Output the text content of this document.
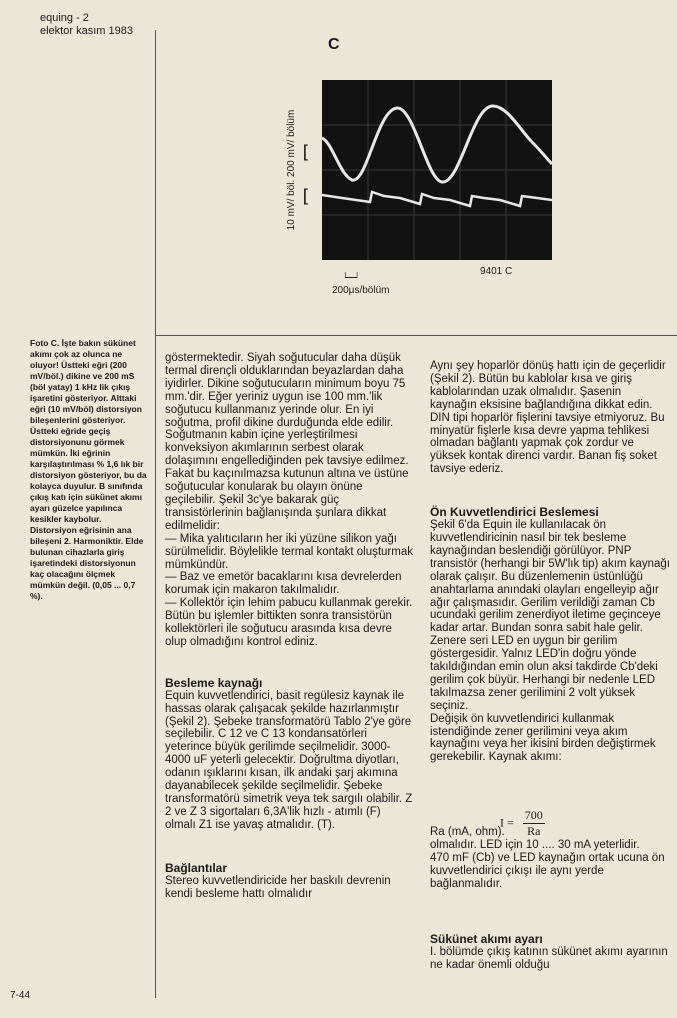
equing - 2
elektor kasım 1983
C
[
[
10 mV/ böl. 200 mV/ bölüm
⌴
200μs/bölüm
9401 C
Foto C. İşte bakın sükünet akımı çok az olunca ne oluyor! Üstteki eğri (200 mV/böl.) dikine ve 200 mS (böl yatay) 1 kHz lik çıkış işaretini gösteriyor. Alttaki eğri (10 mV/böl) distorsiyon bileşenlerini gösteriyor. Üstteki eğride geçiş distorsiyonunu görmek mümkün. İki eğrinin karşılaştırılması % 1,6 lık bir distorsiyon gösteriyor, bu da kolayca duyulur. B sınıfında çıkış katı için sükünet akımı ayarı güzelce yapılınca kesikler kaybolur. Distorsiyon eğrisinin ana bileşeni 2. Harmoniktir. Elde bulunan cihazlarla giriş işaretindeki distorsiyonun kaç olacağını ölçmek mümkün değil. (0,05 ... 0,7 %).

göstermektedir. Siyah soğutucular daha düşük termal dirençli olduklarından beyazlardan daha iyidirler. Dikine soğutucuların minimum boyu 75 mm.'dir. Eğer yeriniz uygun ise 100 mm.'lik soğutucu kullanmanız yerinde olur. En iyi soğutma, profil dikine durduğunda elde edilir. Soğutmanın kabin içine yerleştirilmesi konveksiyon akımlarının serbest olarak dolaşımını engellediğinden pek tavsiye edilmez. Fakat bu kaçınılmazsa kutunun altına ve üstüne soğutucular konularak bu olayın önüne geçilebilir. Şekil 3c'ye bakarak güç transistörlerinin bağlanışında şunlara dikkat edilmelidir:

— Mika yalıtıcıların her iki yüzüne silikon yağı sürülmelidir. Böylelikle termal kontakt oluşturmak mümkündür.

— Baz ve emetör bacaklarını kısa devrelerden korumak için makaron takılmalıdır.

— Kollektör için lehim pabucu kullanmak gerekir. Bütün bu işlemler bittikten sonra transistörün kollektörleri ile soğutucu arasında kısa devre olup olmadığını kontrol ediniz.

Besleme kaynağı

Equin kuvvetlendirici, basit regülesiz kaynak ile hassas olarak çalışacak şekilde hazırlanmıştır (Şekil 2). Şebeke transformatörü Tablo 2'ye göre seçilebilir. C 12 ve C 13 kondansatörleri yeterince büyük gerilimde seçilmelidir. 3000-4000 uF yeterli gelecektir. Doğrultma diyotları, odanın ışıklarını kısan, ilk andaki şarj akımına dayanabilecek şekilde seçilmelidir. Şebeke transformatörü simetrik veya tek sargılı olabilir. Z 2 ve Z 3 sigortaları 6,3A'lik hızlı - atımlı (F) olmalı Z1 ise yavaş atmalıdır. (T).

Bağlantılar

Stereo kuvvetlendiricide her baskılı devrenin kendi besleme hattı olmalıdır

Aynı şey hoparlör dönüş hattı için de geçerlidir (Şekil 2). Bütün bu kablolar kısa ve giriş kablolarından uzak olmalıdır. Şasenin kaynağın eksisine bağlandığına dikkat edin. DIN tipi hoparlör fişlerini tavsiye etmiyoruz. Bu minyatür fişlerle kısa devre yapma tehlikesi olmadan bağlantı yapmak çok zordur ve yüksek kontak direnci vardır. Banan fiş soket tavsiye ederiz.

Ön Kuvvetlendirici Beslemesi

Şekil 6'da Equin ile kullanılacak ön kuvvetlendiricinin nasıl bir tek besleme kaynağından beslendiği görülüyor. PNP transistör (herhangi bir 5W'lık tip) akım kaynağı olarak çalışır. Bu düzenlemenin üstünlüğü anahtarlama anındaki olayları engelleyip ağır ağır çalışmasıdır. Gerilim verildiği zaman Cb ucundaki gerilim zenerdiyot iletime geçinceye kadar artar. Bundan sonra sabit hale gelir. Zenere seri LED en uygun bir gerilim göstergesidir. Yalnız LED'in doğru yönde takıldığından emin olun aksi takdirde Cb'deki gerilim çok büyür. Herhangi bir nedenle LED takılmazsa zener gerilimini 2 volt yüksek seçiniz.

Değişik ön kuvvetlendirici kullanmak istendiğinde zener gerilimini veya akım kaynağını veya her ikisini birden değiştirmek gerekebilir. Kaynak akımı:

Ra (mA, ohm).

olmalıdır. LED için 10 .... 30 mA yeterlidir.

470 mF (Cb) ve LED kaynağın ortak ucuna ön kuvvetlendirici çıkışı ile aynı yerde bağlanmalıdır.

Sükünet akımı ayarı

I. bölümde çıkış katının sükünet akımı ayarının ne kadar önemli olduğu

$I = \frac{700}{Ra}$
7-44
